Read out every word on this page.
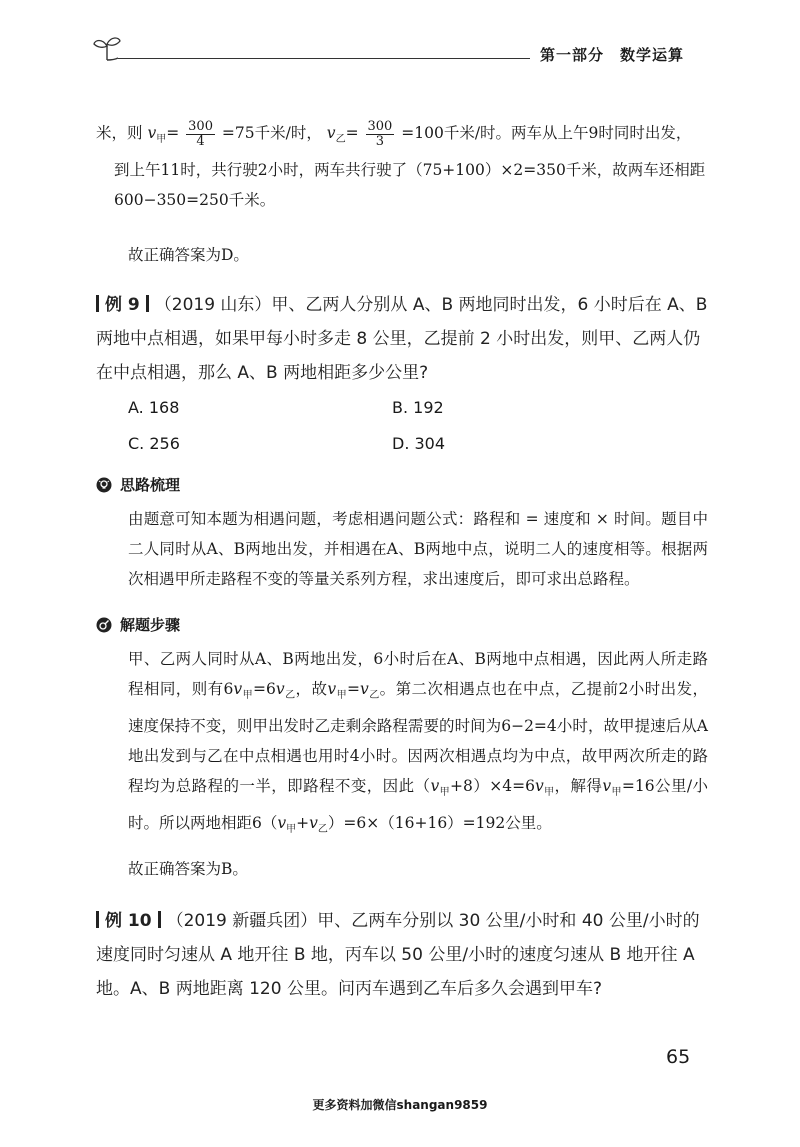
第一部分　数学运算
米，则 $v_甲= \frac{300}{4} =75$千米/时， $v_乙= \frac{300}{3} =100$千米/时。两车从上午9时同时出发，
到上午11时，共行驶2小时，两车共行驶了（75+100）×2=350千米，故两车还相距
600−350=250千米。
故正确答案为D。
例 9 （2019 山东）甲、乙两人分别从 A、B 两地同时出发，6 小时后在 A、B 两地中点相遇，如果甲每小时多走 8 公里，乙提前 2 小时出发，则甲、乙两人仍在中点相遇，那么 A、B 两地相距多少公里?
A. 168	B. 192
C. 256	D. 304
思路梳理
由题意可知本题为相遇问题，考虑相遇问题公式：路程和 = 速度和 × 时间。题目中二人同时从A、B两地出发，并相遇在A、B两地中点，说明二人的速度相等。根据两次相遇甲所走路程不变的等量关系列方程，求出速度后，即可求出总路程。
解题步骤
甲、乙两人同时从A、B两地出发，6小时后在A、B两地中点相遇，因此两人所走路程相同，则有$6v_甲=6v_乙$，故$v_甲=v_乙$。第二次相遇点也在中点，乙提前2小时出发，速度保持不变，则甲出发时乙走剩余路程需要的时间为6−2=4小时，故甲提速后从A地出发到与乙在中点相遇也用时4小时。因两次相遇点均为中点，故甲两次所走的路程均为总路程的一半，即路程不变，因此$(v_甲+8)\times 4=6v_甲$，解得$v_甲=16$公里/小时。所以两地相距$6(v_甲+v_乙)=6\times(16+16)=192$公里。
故正确答案为B。
例 10 （2019 新疆兵团）甲、乙两车分别以 30 公里/小时和 40 公里/小时的速度同时匀速从 A 地开往 B 地，丙车以 50 公里/小时的速度匀速从 B 地开往 A 地。A、B 两地距离 120 公里。问丙车遇到乙车后多久会遇到甲车?
65
更多资料加微信shangan9859
